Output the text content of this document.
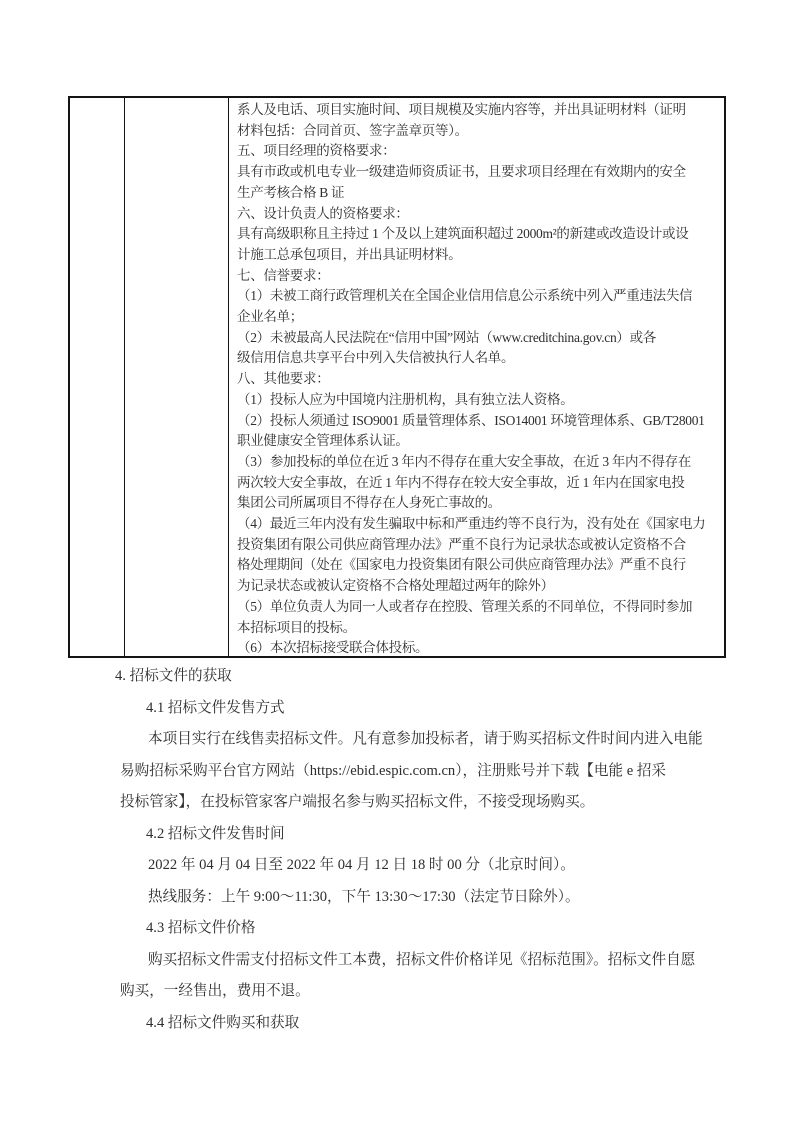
系人及电话、项目实施时间、项目规模及实施内容等，并出具证明材料（证明
材料包括：合同首页、签字盖章页等）。
五、项目经理的资格要求：
具有市政或机电专业一级建造师资质证书，且要求项目经理在有效期内的安全
生产考核合格 B 证
六、设计负责人的资格要求：
具有高级职称且主持过 1 个及以上建筑面积超过 2000m²的新建或改造设计或设
计施工总承包项目，并出具证明材料。
七、信誉要求：
（1）未被工商行政管理机关在全国企业信用信息公示系统中列入严重违法失信
企业名单；
（2）未被最高人民法院在“信用中国”网站（www.creditchina.gov.cn）或各
级信用信息共享平台中列入失信被执行人名单。
八、其他要求：
（1）投标人应为中国境内注册机构，具有独立法人资格。
（2）投标人须通过 ISO9001 质量管理体系、ISO14001 环境管理体系、GB/T28001
职业健康安全管理体系认证。
（3）参加投标的单位在近 3 年内不得存在重大安全事故，在近 3 年内不得存在
两次较大安全事故，在近 1 年内不得存在较大安全事故，近 1 年内在国家电投
集团公司所属项目不得存在人身死亡事故的。
（4）最近三年内没有发生骗取中标和严重违约等不良行为，没有处在《国家电力
投资集团有限公司供应商管理办法》严重不良行为记录状态或被认定资格不合
格处理期间（处在《国家电力投资集团有限公司供应商管理办法》严重不良行
为记录状态或被认定资格不合格处理超过两年的除外）
（5）单位负责人为同一人或者存在控股、管理关系的不同单位，不得同时参加
本招标项目的投标。
（6）本次招标接受联合体投标。
4. 招标文件的获取
4.1 招标文件发售方式
本项目实行在线售卖招标文件。凡有意参加投标者，请于购买招标文件时间内进入电能
易购招标采购平台官方网站（https://ebid.espic.com.cn），注册账号并下载【电能 e 招采
投标管家】，在投标管家客户端报名参与购买招标文件，不接受现场购买。
4.2 招标文件发售时间
2022 年 04 月 04 日至 2022 年 04 月 12 日 18 时 00 分（北京时间）。
热线服务：上午 9:00～11:30，下午 13:30～17:30（法定节日除外）。
4.3 招标文件价格
购买招标文件需支付招标文件工本费，招标文件价格详见《招标范围》。招标文件自愿
购买，一经售出，费用不退。
4.4 招标文件购买和获取
